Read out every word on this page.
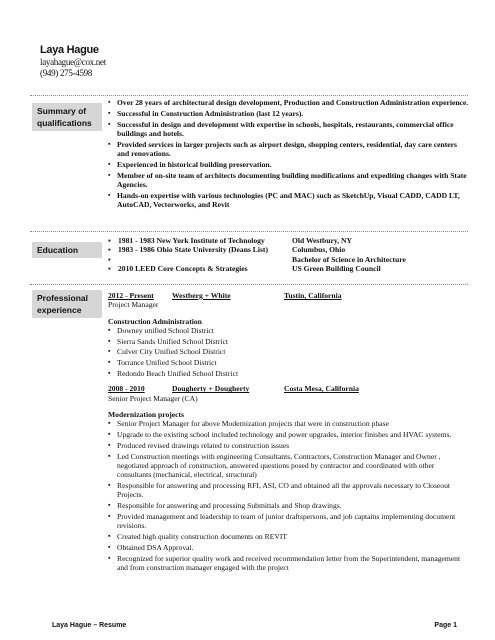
Laya Hague
layahague@cox.net
(949) 275-4598
Summary of qualifications
▪ Over 28 years of architectural design development, Production and Construction Administration experience.
▪ Successful in Construction Administration (last 12 years).
▪ Successful in design and development with expertise in schools, hospitals, restaurants, commercial office buildings and hotels.
▪ Provided services in larger projects such as airport design, shopping centers, residential, day care centers and renovations.
▪ Experienced in historical building preservation.
▪ Member of on-site team of architects documenting building modifications and expediting changes with State Agencies.
▪ Hands-on expertise with various technologies (PC and MAC) such as SketchUp, Visual CADD, CADD LT, AutoCAD, Vectorworks, and Revit
Education
▪ 1981 - 1983 New York Institute of Technology	Old Westbury, NY
▪ 1983 - 1986 Ohio State University (Deans List)	Columbus, Ohio
▪	Bachelor of Science in Architecture
▪ 2010 LEED Core Concepts & Strategies	US Green Building Council
Professional experience
2012 - Present	Westberg + White	Tustin, California
Project Manager
Construction Administration
▪ Downey unified School District
▪ Sierra Sands Unified School District
▪ Culver City Unified School District
▪ Torrance Unified School District
▪ Redondo Beach Unified School District
2008 - 2010	Dougherty + Dougherty	Costa Mesa, California
Senior Project Manager (CA)
Modernization projects
▪ Senior Project Manager for above Modernization projects that were in construction phase
▪ Upgrade to the existing school included technology and power upgrades, interior finishes and HVAC systems.
▪ Produced revised drawings related to construction issues
▪ Led Construction meetings with engineering Consultants, Contractors, Construction Manager and Owner , negotiated approach of construction, answered questions posed by contractor and coordinated with other consultants (mechanical, electrical, structural)
▪ Responsible for answering and processing RFI, ASI, CO and obtained all the approvals necessary to Closeout Projects.
▪ Responsible for answering and processing Submittals and Shop drawings.
▪ Provided management and leadership to team of junior draftspersons, and job captains implementing document revisions.
▪ Created high quality construction documents on REVIT
▪ Obtained DSA Approval.
▪ Recognized for superior quality work and received recommendation letter from the Superintendent, management and from construction manager engaged with the project
Laya Hague – Resume	Page 1
